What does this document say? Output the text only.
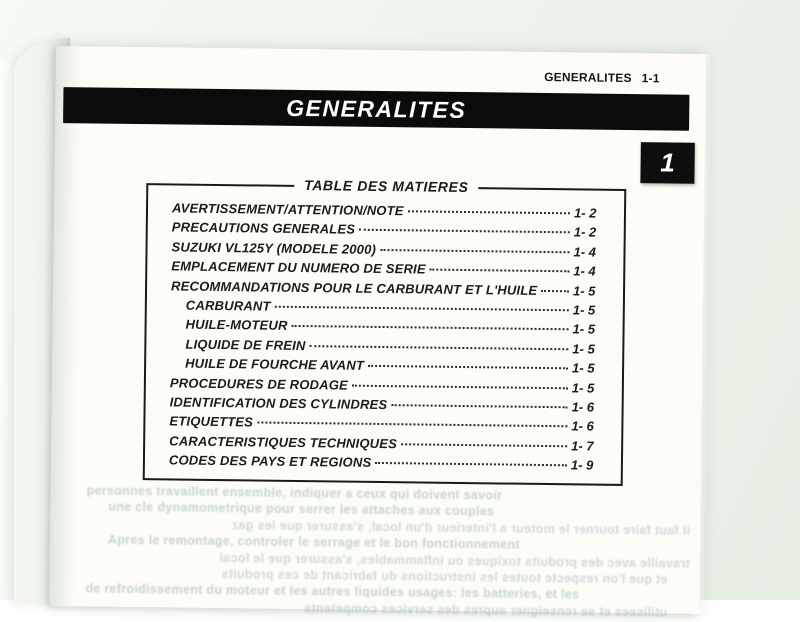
GENERALITES 1-1
GENERALITES
1
TABLE DES MATIERES
AVERTISSEMENT/ATTENTION/NOTE	1- 2
PRECAUTIONS GENERALES	1- 2
SUZUKI VL125Y (MODELE 2000)	1- 4
EMPLACEMENT DU NUMERO DE SERIE	1- 4
RECOMMANDATIONS POUR LE CARBURANT ET L'HUILE	1- 5
CARBURANT	1- 5
HUILE-MOTEUR	1- 5
LIQUIDE DE FREIN	1- 5
HUILE DE FOURCHE AVANT	1- 5
PROCEDURES DE RODAGE	1- 5
IDENTIFICATION DES CYLINDRES	1- 6
ETIQUETTES	1- 6
CARACTERISTIQUES TECHNIQUES	1- 7
CODES DES PAYS ET REGIONS	1- 9
personnes travaillent ensemble, indiquer a ceux qui doivent savoir
une cle dynamometrique pour serrer les attaches aux couples
il faut faire tourner le moteur a l'interieur d'un local, s'assurer que les gaz
Apres le remontage, controler le serrage et le bon fonctionnement
travaille avec des produits toxiques ou inflammables, s'assurer que le local
et que l'on respecte toutes les instructions du fabricant de ces produits
de refroidissement du moteur et les autres liquides usages: les batteries, et les
utilisees et se renseigner aupres des services competents
